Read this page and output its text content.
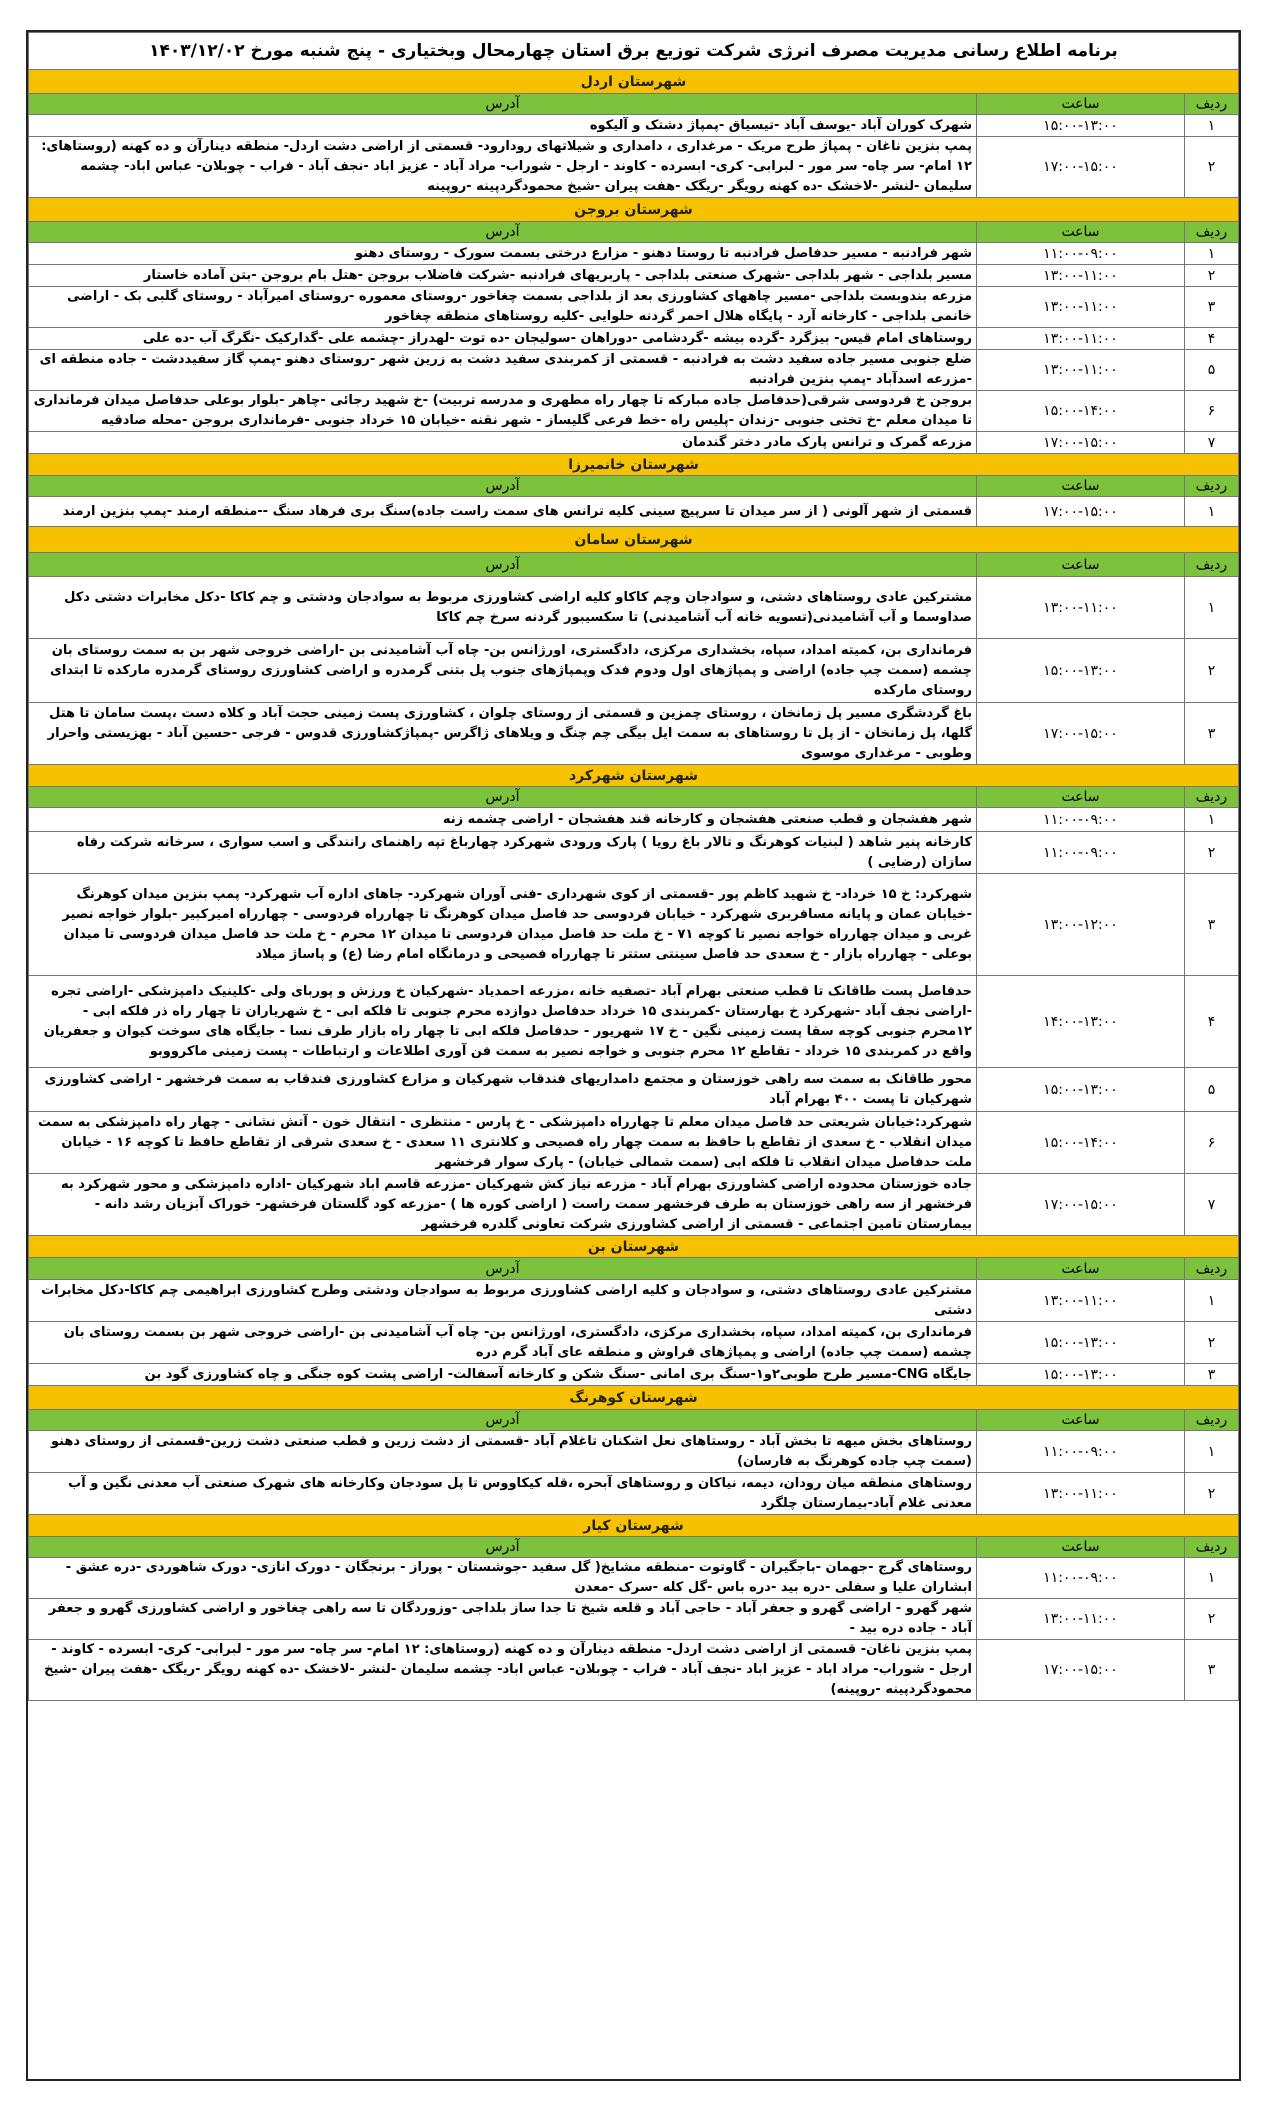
برنامه اطلاع رسانی مدیریت مصرف انرژی شرکت توزیع برق استان چهارمحال وبختیاری - پنج شنبه مورخ ۱۴۰۳/۱۲/۰۲		
شهرستان اردل		
ردیف	ساعت	آدرس
۱	۱۵:۰۰-۱۳:۰۰	شهرک کوران آباد -یوسف آباد -تیسیاق -پمپاژ دشتک و آلیکوه
۲	۱۷:۰۰-۱۵:۰۰	پمپ بنزین ناغان - پمپاژ طرح مریک - مرغداری ، دامداری و شیلاتهای رودارود- قسمتی از اراضی دشت اردل- منطقه دینارآن و ده کهنه (روستاهای: ۱۲ امام- سر چاه- سر مور - لبرابی- کری- ابسرده - کاوند - ارجل - شوراب- مراد آباد - عزیز اباد -نجف آباد - فراب - چوبلان- عباس اباد- چشمه سلیمان -لنشر -لاخشک -ده کهنه رویگر -ریگک -هفت پیران -شیخ محمودگردپینه -روپینه
شهرستان بروجن		
ردیف	ساعت	آدرس
۱	۱۱:۰۰-۰۹:۰۰	شهر فرادنبه - مسیر حدفاصل فرادنبه تا روستا دهنو - مزارع درختی بسمت سورک - روستای دهنو
۲	۱۳:۰۰-۱۱:۰۰	مسیر بلداجی - شهر بلداجی -شهرک صنعتی بلداجی - پاربریهای فرادنبه -شرکت فاضلاب بروجن -هتل بام بروجن -بتن آماده خاستار
۳	۱۳:۰۰-۱۱:۰۰	مزرعه بندوبست بلداجی -مسیر چاههای کشاورزی بعد از بلداجی بسمت چغاخور -روستای معموره -روستای امیرآباد - روستای گلبی بک - اراضی خانمی بلداجی - کارخانه آرد - پایگاه هلال احمر گردنه حلوایی -کلیه روستاهای منطقه چغاخور
۴	۱۳:۰۰-۱۱:۰۰	روستاهای امام قیس- بیزگرد -گرده بیشه -گردشامی -دوراهان -سولیجان -ده توت -لهدراز -چشمه علی -گدارکیک -نگرگ آب -ده علی
۵	۱۳:۰۰-۱۱:۰۰	ضلع جنوبی مسیر جاده سفید دشت به فرادنبه - قسمتی از کمربندی سفید دشت به زرین شهر -روستای دهنو -پمپ گاز سفیددشت - جاده منطقه ای -مزرعه اسدآباد -پمپ بنزین فرادنبه
۶	۱۵:۰۰-۱۴:۰۰	بروجن خ فردوسی شرقی(حدفاصل جاده مبارکه تا چهار راه مطهری و مدرسه تربیت) -خ شهید رجائی -چاهر -بلوار بوعلی حدفاصل میدان فرمانداری تا میدان معلم -خ تختی جنوبی -زندان -پلیس راه -خط فرعی گلیساز - شهر نقنه -خیابان ۱۵ خرداد جنوبی -فرمانداری بروجن -محله صادقیه
۷	۱۷:۰۰-۱۵:۰۰	مزرعه گمرک و ترانس پارک مادر دختر گندمان
شهرستان خانمیرزا		
ردیف	ساعت	آدرس
۱	۱۷:۰۰-۱۵:۰۰	قسمتی از شهر آلونی ( از سر میدان تا سرپیچ سینی کلیه ترانس های سمت راست جاده)سنگ بری فرهاد سنگ --منطقه ارمند -پمپ بنزین ارمند
شهرستان سامان		
ردیف	ساعت	آدرس
۱	۱۳:۰۰-۱۱:۰۰	مشترکین عادی روستاهای دشتی، و سوادجان وچم کاکاو کلیه اراضی کشاورزی مربوط به سوادجان ودشتی و چم کاکا -دکل مخابرات دشتی دکل صداوسما و آب آشامیدنی(تسویه خانه آب آشامیدنی) تا سکسیبور گردنه سرخ چم کاکا
۲	۱۵:۰۰-۱۳:۰۰	فرمانداری بن، کمیته امداد، سپاه، بخشداری مرکزی، دادگستری، اورژانس بن- چاه آب آشامیدنی بن -اراضی خروجی شهر بن به سمت روستای بان چشمه (سمت چپ جاده) اراضی و پمپاژهای اول ودوم فدک وپمپاژهای جنوب پل بتنی گرمدره و اراضی کشاورزی روستای گرمدره مارکده تا ابتدای روستای مارکده
۳	۱۷:۰۰-۱۵:۰۰	باغ گردشگری مسیر پل زمانخان ، روستای چمزین و قسمتی از روستای چلوان ، کشاورزی پست زمینی حجت آباد و کلاه دست ،پست سامان تا هتل گلها، پل زمانخان - از پل تا روستاهای به سمت ایل بیگی چم چنگ و ویلاهای ژاگرس -پمپاژکشاورزی قدوس - فرجی -حسین آباد - بهزیستی واحرار وطوبی - مرغداری موسوی
شهرستان شهرکرد		
ردیف	ساعت	آدرس
۱	۱۱:۰۰-۰۹:۰۰	شهر هفشجان و قطب صنعتی هفشجان و کارخانه قند هفشجان - اراضی چشمه زنه
۲	۱۱:۰۰-۰۹:۰۰	کارخانه پنیر شاهد ( لبنیات کوهرنگ و تالار باغ رویا ) پارک ورودی شهرکرد چهارباغ تپه راهنمای رانندگی و اسب سواری ، سرخانه شرکت رفاه سازان (رضایی )
۳	۱۳:۰۰-۱۲:۰۰	شهرکرد: خ ۱۵ خرداد- خ شهید کاظم پور -قسمتی از کوی شهرداری -فنی آوران شهرکرد- جاهای اداره آب شهرکرد- پمپ بنزین میدان کوهرنگ -خیابان عمان و پایانه مسافربری شهرکرد - خیابان فردوسی حد فاصل میدان کوهرنگ تا چهارراه فردوسی - چهارراه امیرکبیر -بلوار خواجه نصیر غربی و میدان چهارراه خواجه نصیر تا کوچه ۷۱ - خ ملت حد فاصل میدان فردوسی تا میدان ۱۲ محرم - خ ملت حد فاصل میدان فردوسی تا میدان بوعلی - چهارراه بازار - خ سعدی حد فاصل سینتی ستتر تا چهارراه فصیحی و درمانگاه امام رضا (ع) و پاساژ میلاد
۴	۱۴:۰۰-۱۳:۰۰	حدفاصل پست طاقانک تا قطب صنعتی بهرام آباد -تصفیه خانه ،مزرعه احمدیاد -شهرکیان خ ورزش و پوربای ولی -کلینیک دامپزشکی -اراضی تجره -اراضی نجف آباد -شهرکرد خ بهارستان -کمربندی ۱۵ خرداد حدفاصل دوازده محرم جنوبی تا فلکه ابی - خ شهریاران تا چهار راه ذر فلکه ابی - ۱۲محرم جنوبی کوچه سقا پست زمینی نگین - خ ۱۷ شهریور - حدفاصل فلکه ابی تا چهار راه بازار طرف نسا - جایگاه های سوخت کیوان و جعفریان واقع در کمربندی ۱۵ خرداد - تقاطع ۱۲ محرم جنوبی و خواجه نصیر به سمت فن آوری اطلاعات و ارتباطات - پست زمینی ماکرووبو
۵	۱۵:۰۰-۱۳:۰۰	محور طاقانک به سمت سه راهی خوزستان و مجتمع دامداریهای فندقاب شهرکیان و مزارع کشاورزی فندقاب به سمت فرخشهر - اراضی کشاورزی شهرکیان تا پست ۴۰۰ بهرام آباد
۶	۱۵:۰۰-۱۴:۰۰	شهرکرد:خیابان شریعتی حد فاصل میدان معلم تا چهارراه دامپزشکی - خ پارس - منتظری - انتقال خون - آتش نشانی - چهار راه دامپزشکی به سمت میدان انقلاب - خ سعدی از تقاطع با حافظ به سمت چهار راه فصیحی و کلانتری ۱۱ سعدی - خ سعدی شرقی از تقاطع حافظ تا کوچه ۱۶ - خیابان ملت حدفاصل میدان انقلاب تا فلکه ابی (سمت شمالی خیابان) - پارک سوار فرخشهر
۷	۱۷:۰۰-۱۵:۰۰	جاده خوزستان محدوده اراضی کشاورزی بهرام آباد - مزرعه نیاز کش شهرکیان -مزرعه قاسم اباد شهرکیان -اداره دامپزشکی و محور شهرکرد به فرخشهر از سه راهی خوزستان به طرف فرخشهر سمت راست ( اراضی کوره ها ) -مزرعه کود گلستان فرخشهر- خوراک آبزیان رشد دانه - بیمارستان تامین اجتماعی - قسمتی از اراضی کشاورزی شرکت تعاونی گلدره فرخشهر
شهرستان بن		
ردیف	ساعت	آدرس
۱	۱۳:۰۰-۱۱:۰۰	مشترکین عادی روستاهای دشتی، و سوادجان و کلیه اراضی کشاورزی مربوط به سوادجان ودشتی وطرح کشاورزی ابراهیمی چم کاکا-دکل مخابرات دشتی
۲	۱۵:۰۰-۱۳:۰۰	فرمانداری بن، کمیته امداد، سپاه، بخشداری مرکزی، دادگستری، اورژانس بن- چاه آب آشامیدنی بن -اراضی خروجی شهر بن بسمت روستای بان چشمه (سمت چپ جاده) اراضی و پمپاژهای فراوش و منطقه عای آباد گرم دره
۳	۱۵:۰۰-۱۳:۰۰	جایگاه CNG-مسیر طرح طوبی۲و۱-سنگ بری امانی -سنگ شکن و کارخانه آسفالت- اراضی پشت کوه جنگی و چاه کشاورزی گود بن
شهرستان کوهرنگ		
ردیف	ساعت	آدرس
۱	۱۱:۰۰-۰۹:۰۰	روستاهای بخش میهه تا بخش آباد - روستاهای نعل اشکنان تاغلام آباد -قسمتی از دشت زرین و قطب صنعتی دشت زرین-قسمتی از روستای دهنو (سمت چپ جاده کوهرنگ به فارسان)
۲	۱۳:۰۰-۱۱:۰۰	روستاهای منطقه میان رودان، دیمه، نیاکان و روستاهای آبحره ،قله کیکاووس تا پل سودجان وکارخانه های شهرک صنعتی آب معدنی نگین و آب معدنی غلام آباد-بیمارستان چلگرد
شهرستان کیار		
ردیف	ساعت	آدرس
۱	۱۱:۰۰-۰۹:۰۰	روستاهای گرج -جهمان -باجگیران - گاوتوت -منطقه مشایخ( گل سفید -جوشستان - پوراز - برنجگان - دورک انازی- دورک شاهوردی -دره عشق - ابشاران علیا و سفلی -دره بید -دره باس -گل کله -سرک -معدن
۲	۱۳:۰۰-۱۱:۰۰	شهر گهرو - اراضی گهرو و جعفر آباد - حاجی آباد و قلعه شیخ تا جدا ساز بلداجی -وزوردگان تا سه راهی چغاخور و اراضی کشاورزی گهرو و جعفر آباد - جاده دره بید -
۳	۱۷:۰۰-۱۵:۰۰	پمپ بنزین ناغان- قسمتی از اراضی دشت اردل- منطقه دینارآن و ده کهنه (روستاهای: ۱۲ امام- سر چاه- سر مور - لبرابی- کری- ابسرده - کاوند - ارجل - شوراب- مراد اباد - عزیز اباد -نجف آباد - فراب - چوبلان- عباس اباد- چشمه سلیمان -لنشر -لاخشک -ده کهنه رویگر -ریگک -هفت پیران -شیخ محمودگردپینه -روپینه)
